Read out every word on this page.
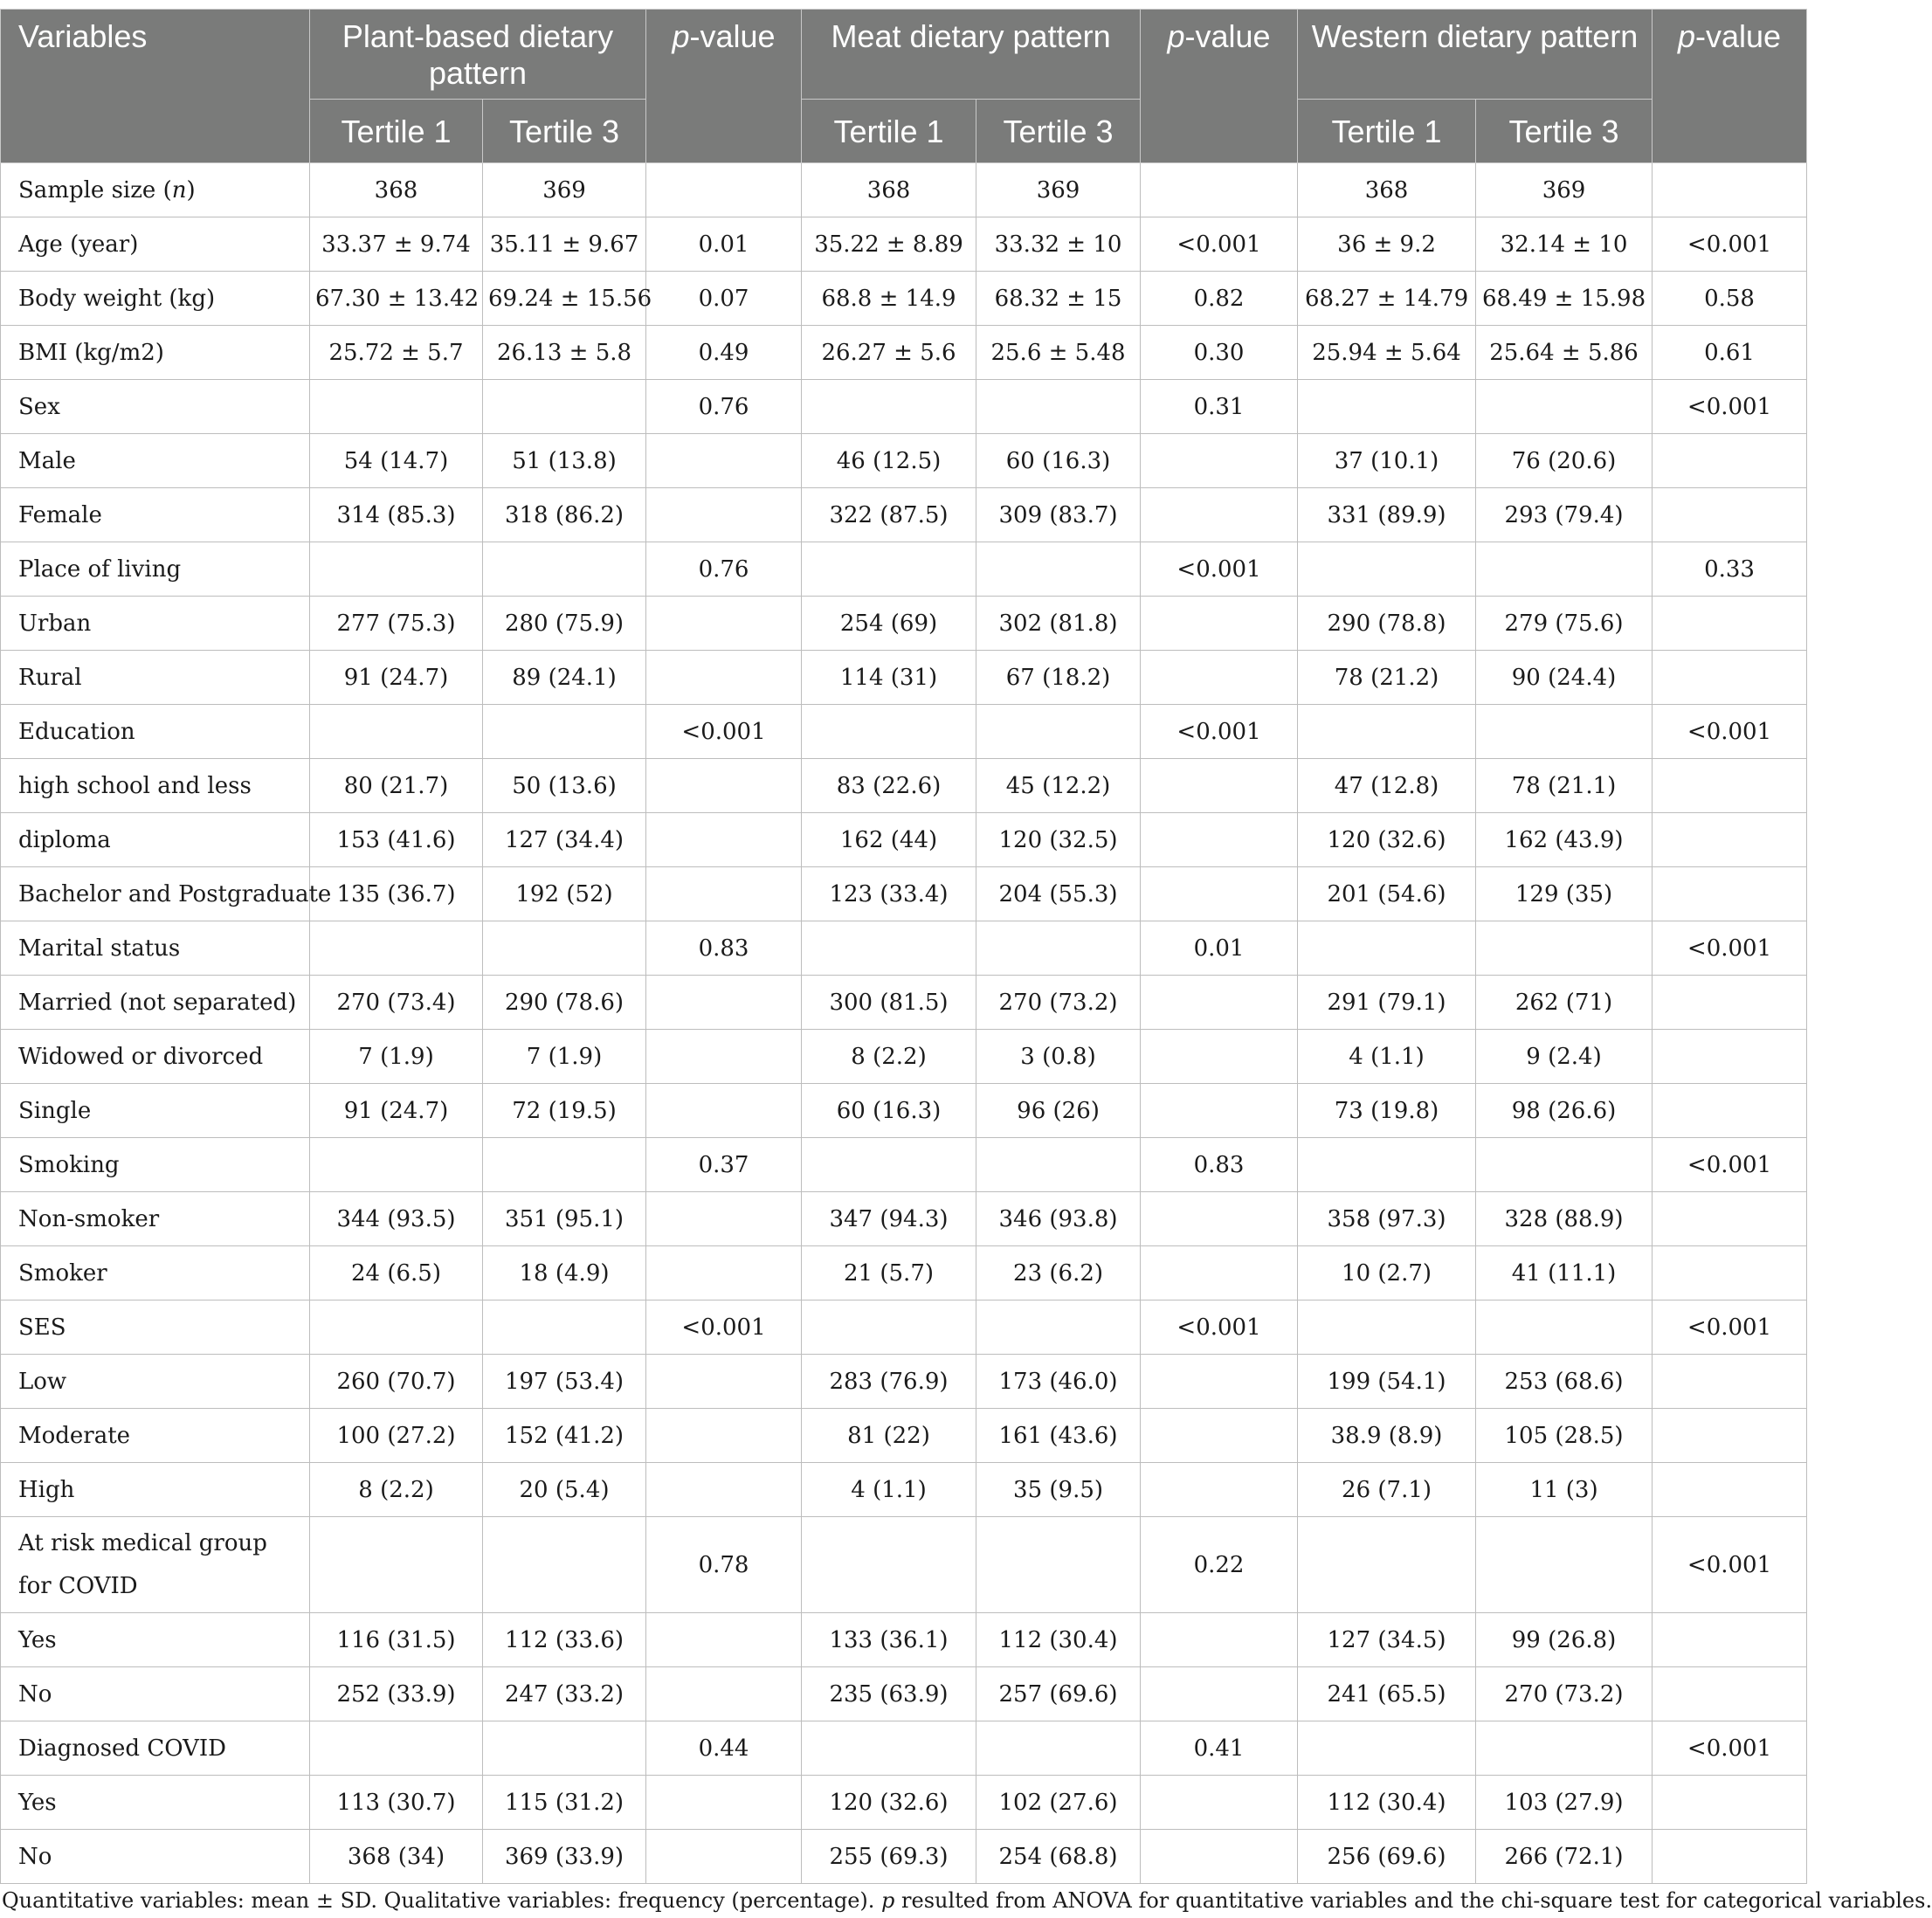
Variables	Plant-based dietary pattern		p-value	Meat dietary pattern		p-value	Western dietary pattern		p-value
	Tertile 1	Tertile 3		Tertile 1	Tertile 3		Tertile 1	Tertile 3	
Sample size (n)	368	369		368	369		368	369	
Age (year)	33.37 ± 9.74	35.11 ± 9.67	0.01	35.22 ± 8.89	33.32 ± 10	<0.001	36 ± 9.2	32.14 ± 10	<0.001
Body weight (kg)	67.30 ± 13.42	69.24 ± 15.56	0.07	68.8 ± 14.9	68.32 ± 15	0.82	68.27 ± 14.79	68.49 ± 15.98	0.58
BMI (kg/m2)	25.72 ± 5.7	26.13 ± 5.8	0.49	26.27 ± 5.6	25.6 ± 5.48	0.30	25.94 ± 5.64	25.64 ± 5.86	0.61
Sex			0.76			0.31			<0.001
Male	54 (14.7)	51 (13.8)		46 (12.5)	60 (16.3)		37 (10.1)	76 (20.6)	
Female	314 (85.3)	318 (86.2)		322 (87.5)	309 (83.7)		331 (89.9)	293 (79.4)	
Place of living			0.76			<0.001			0.33
Urban	277 (75.3)	280 (75.9)		254 (69)	302 (81.8)		290 (78.8)	279 (75.6)	
Rural	91 (24.7)	89 (24.1)		114 (31)	67 (18.2)		78 (21.2)	90 (24.4)	
Education			<0.001			<0.001			<0.001
high school and less	80 (21.7)	50 (13.6)		83 (22.6)	45 (12.2)		47 (12.8)	78 (21.1)	
diploma	153 (41.6)	127 (34.4)		162 (44)	120 (32.5)		120 (32.6)	162 (43.9)	
Bachelor and Postgraduate	135 (36.7)	192 (52)		123 (33.4)	204 (55.3)		201 (54.6)	129 (35)	
Marital status			0.83			0.01			<0.001
Married (not separated)	270 (73.4)	290 (78.6)		300 (81.5)	270 (73.2)		291 (79.1)	262 (71)	
Widowed or divorced	7 (1.9)	7 (1.9)		8 (2.2)	3 (0.8)		4 (1.1)	9 (2.4)	
Single	91 (24.7)	72 (19.5)		60 (16.3)	96 (26)		73 (19.8)	98 (26.6)	
Smoking			0.37			0.83			<0.001
Non-smoker	344 (93.5)	351 (95.1)		347 (94.3)	346 (93.8)		358 (97.3)	328 (88.9)	
Smoker	24 (6.5)	18 (4.9)		21 (5.7)	23 (6.2)		10 (2.7)	41 (11.1)	
SES			<0.001			<0.001			<0.001
Low	260 (70.7)	197 (53.4)		283 (76.9)	173 (46.0)		199 (54.1)	253 (68.6)	
Moderate	100 (27.2)	152 (41.2)		81 (22)	161 (43.6)		38.9 (8.9)	105 (28.5)	
High	8 (2.2)	20 (5.4)		4 (1.1)	35 (9.5)		26 (7.1)	11 (3)	
At risk medical group for COVID			0.78			0.22			<0.001
Yes	116 (31.5)	112 (33.6)		133 (36.1)	112 (30.4)		127 (34.5)	99 (26.8)	
No	252 (33.9)	247 (33.2)		235 (63.9)	257 (69.6)		241 (65.5)	270 (73.2)	
Diagnosed COVID			0.44			0.41			<0.001
Yes	113 (30.7)	115 (31.2)		120 (32.6)	102 (27.6)		112 (30.4)	103 (27.9)	
No	368 (34)	369 (33.9)		255 (69.3)	254 (68.8)		256 (69.6)	266 (72.1)	
Quantitative variables: mean ± SD. Qualitative variables: frequency (percentage). p resulted from ANOVA for quantitative variables and the chi-square test for categorical variables.
